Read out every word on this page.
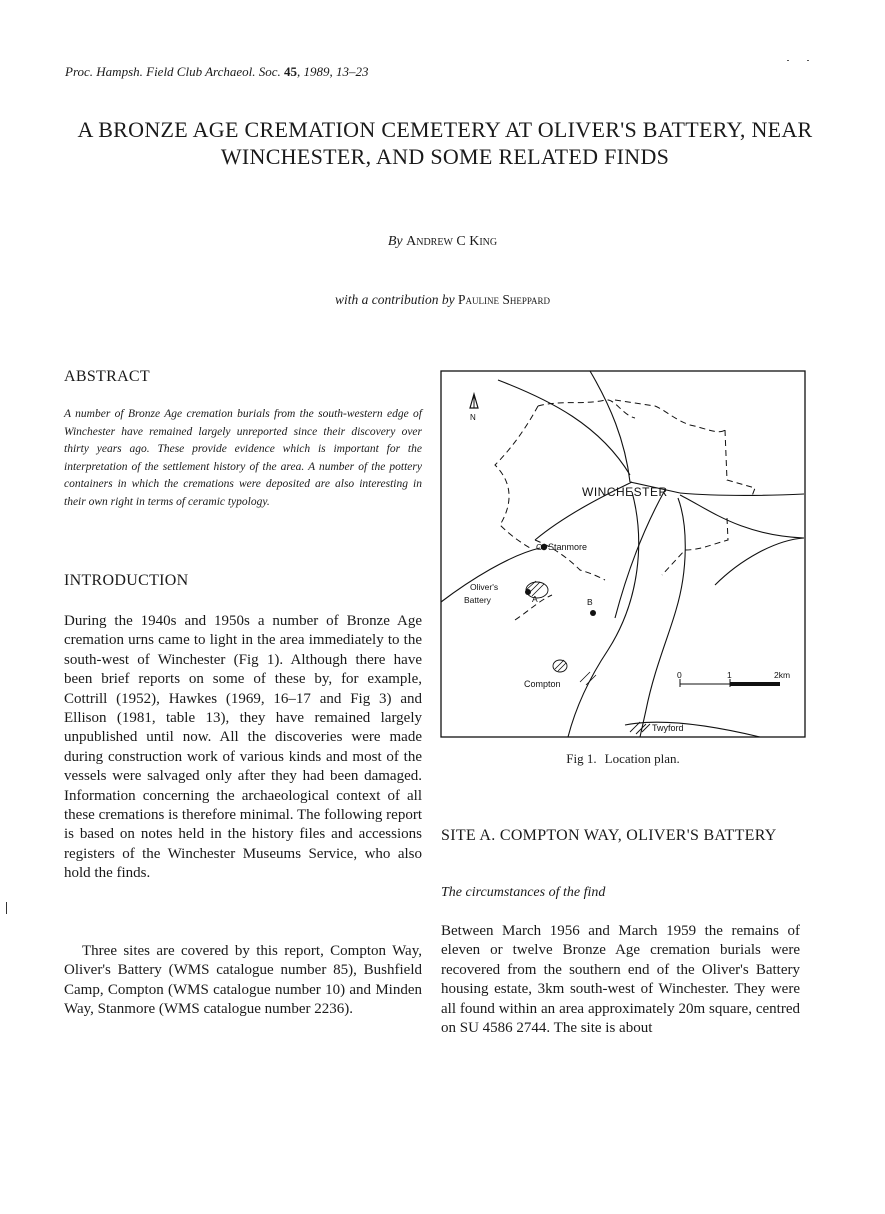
Proc. Hampsh. Field Club Archaeol. Soc. 45, 1989, 13–23
A BRONZE AGE CREMATION CEMETERY AT OLIVER'S BATTERY, NEAR WINCHESTER, AND SOME RELATED FINDS
By Andrew C King
with a contribution by Pauline Sheppard
ABSTRACT

A number of Bronze Age cremation burials from the south-western edge of Winchester have remained largely unreported since their discovery over thirty years ago. These provide evidence which is important for the interpretation of the settlement history of the area. A number of the pottery containers in which the cremations were deposited are also interesting in their own right in terms of ceramic typology.

INTRODUCTION

During the 1940s and 1950s a number of Bronze Age cremation urns came to light in the area immediately to the south-west of Winchester (Fig 1). Although there have been brief reports on some of these by, for example, Cottrill (1952), Hawkes (1969, 16–17 and Fig 3) and Ellison (1981, table 13), they have remained largely unpublished until now. All the discoveries were made during construction work of various kinds and most of the vessels were salvaged only after they had been damaged. Information concerning the archaeological context of all these cremations is therefore minimal. The following report is based on notes held in the history files and accessions registers of the Winchester Museums Service, who also hold the finds.

Three sites are covered by this report, Compton Way, Oliver's Battery (WMS catalogue number 85), Bushfield Camp, Compton (WMS catalogue number 10) and Minden Way, Stanmore (WMS catalogue number 2236).

N
WINCHESTER
C Stanmore
Oliver's
Battery	A	B
Compton
Twyford
0	1	2km
Fig 1. Location plan.
SITE A. COMPTON WAY, OLIVER'S BATTERY
The circumstances of the find

Between March 1956 and March 1959 the remains of eleven or twelve Bronze Age cremation burials were recovered from the southern end of the Oliver's Battery housing estate, 3km south-west of Winchester. They were all found within an area approximately 20m square, centred on SU 4586 2744. The site is about
